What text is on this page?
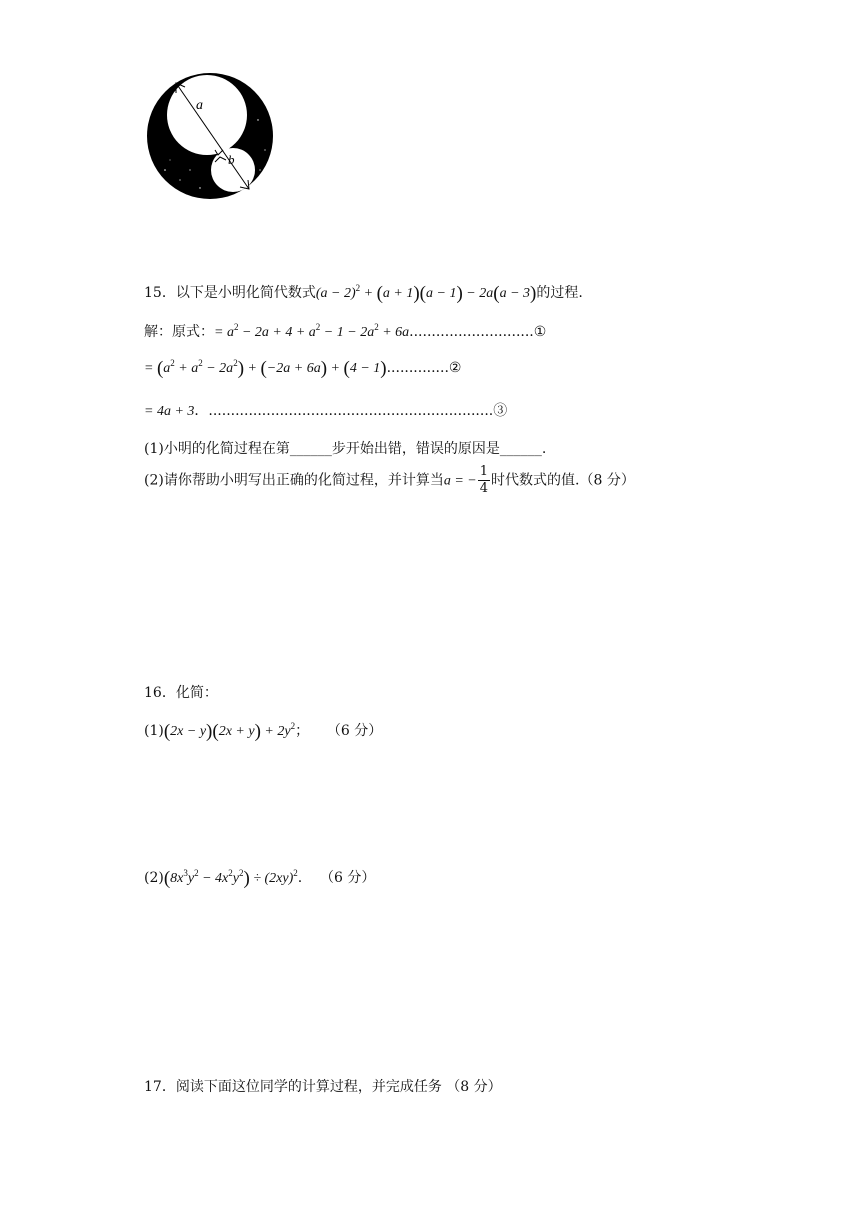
a
b
15．以下是小明化简代数式$(a - 2)^2 + (a + 1)(a - 1) - 2a(a - 3)$的过程.
解：原式：= $a^2 - 2a + 4 + a^2 - 1 - 2a^2$ + 6a............................①
= $(a^2 + a^2 - 2a^2) + (-2a + 6a) + (4$ − 1)..............②
= 4a + 3．................................................................③
(1)小明的化简过程在第______步开始出错，错误的原因是______.
(2)请你帮助小明写出正确的化简过程，并计算当a = − $\frac{1}{4}$ 时代数式的值.（8 分）
16．化简：
$(1)(2x - y)(2x + y) + 2y^2$； （6 分）
$(2)(8x^3y^2 - 4x^2y^2) \div (2xy)^2$. （6 分）
17．阅读下面这位同学的计算过程，并完成任务 （8 分）
